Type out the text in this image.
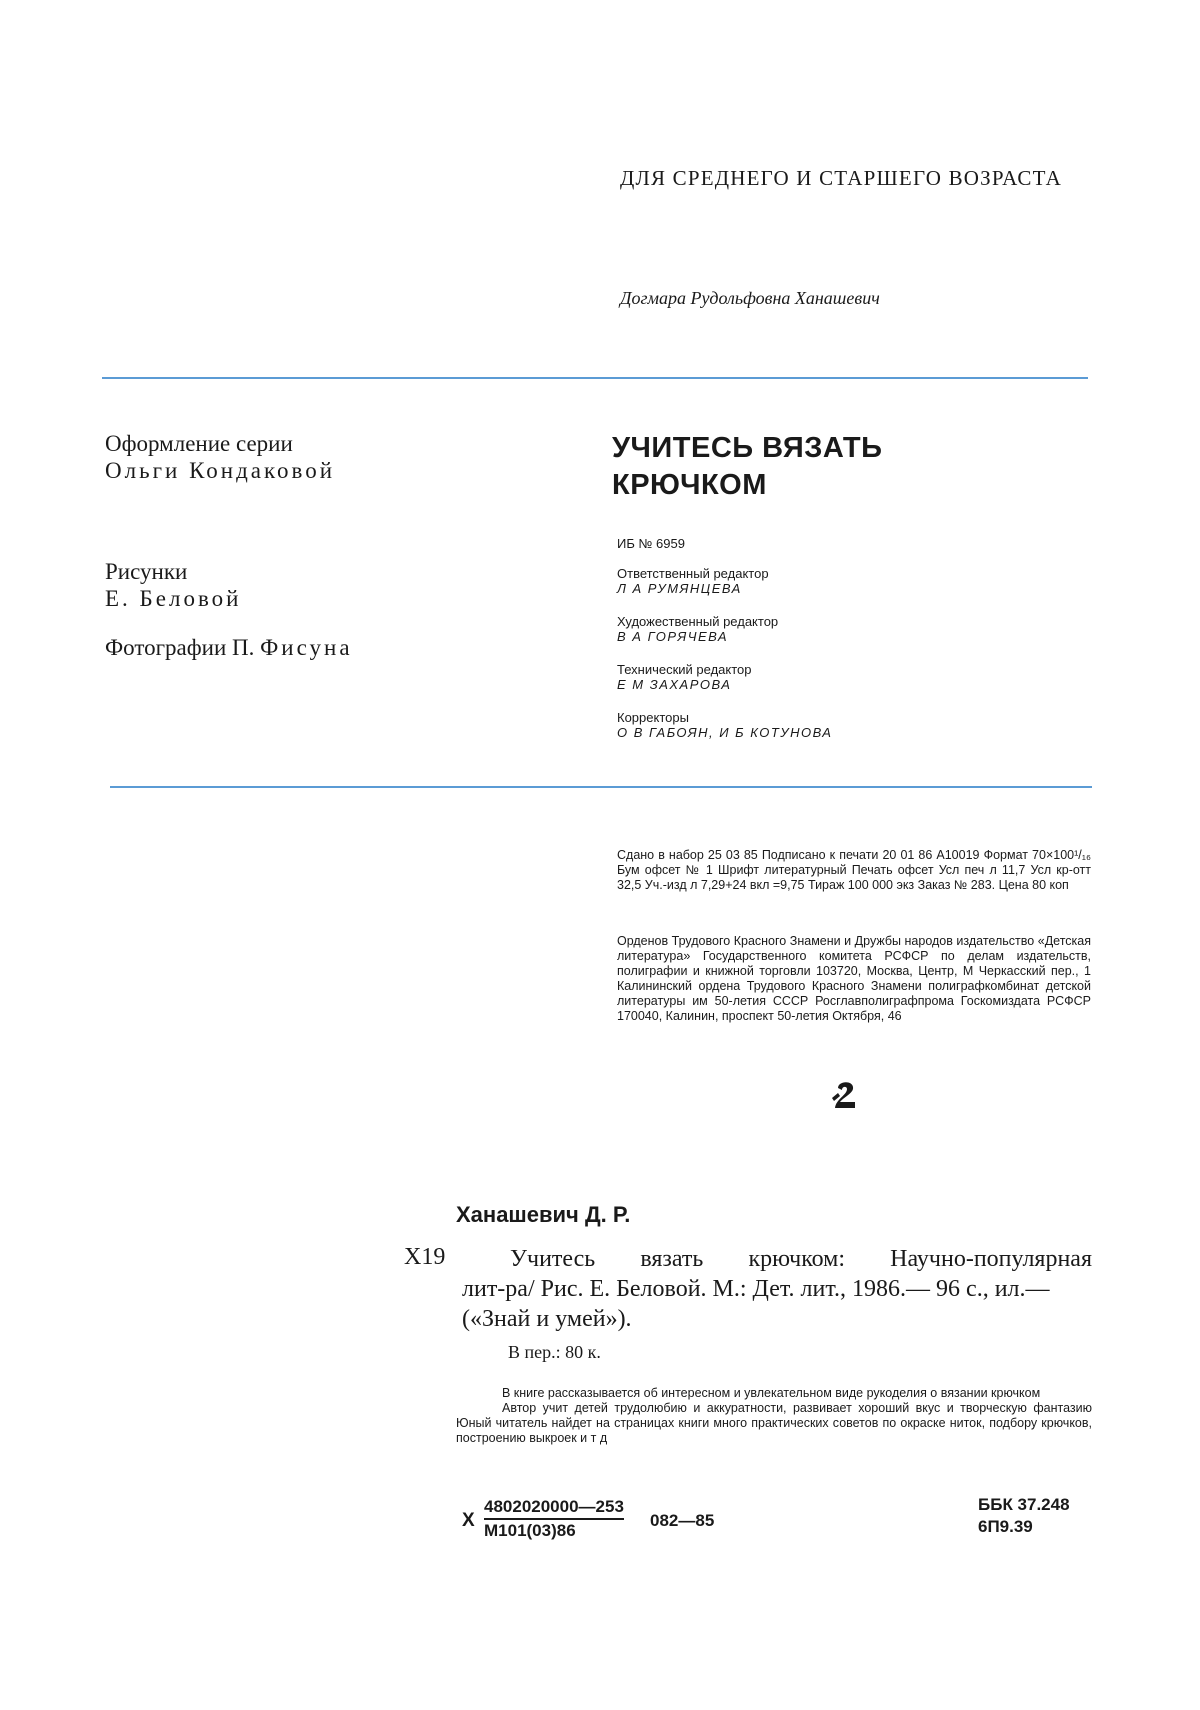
ДЛЯ СРЕДНЕГО И СТАРШЕГО ВОЗРАСТА
Догмара Рудольфовна Ханашевич
Оформление серии
Ольги Кондаковой
Рисунки
Е. Беловой
Фотографии П. Фисуна
УЧИТЕСЬ ВЯЗАТЬ
КРЮЧКОМ
ИБ № 6959
Ответственный редактор
Л А РУМЯНЦЕВА
Художественный редактор
В А ГОРЯЧЕВА
Технический редактор
Е М ЗАХАРОВА
Корректоры
О В ГАБОЯН, И Б КОТУНОВА
Сдано в набор 25 03 85 Подписано к печати 20 01 86 А10019 Формат 70×100¹/₁₆ Бум офсет № 1 Шрифт литературный Печать офсет Усл печ л 11,7 Усл кр-отт 32,5 Уч.-изд л 7,29+24 вкл =9,75 Тираж 100 000 экз Заказ № 283. Цена 80 коп
Орденов Трудового Красного Знамени и Дружбы народов издательство «Детская литература» Государственного комитета РСФСР по делам издательств, полиграфии и книжной торговли 103720, Москва, Центр, М Черкасский пер., 1 Калининский ордена Трудового Красного Знамени полиграфкомбинат детской литературы им 50-летия СССР Росглавполиграфпрома Госкомиздата РСФСР 170040, Калинин, проспект 50-летия Октября, 46
Ханашевич Д. Р.
Х19	Учитесь вязать крючком: Научно-популярная
лит-ра/ Рис. Е. Беловой. М.: Дет. лит., 1986.— 96 с., ил.— («Знай и умей»).
В пер.: 80 к.

В книге рассказывается об интересном и увлекательном виде рукоделия о вязании крючком

Автор учит детей трудолюбию и аккуратности, развивает хороший вкус и творческую фантазию Юный читатель найдет на страницах книги много практических советов по окраске ниток, подбору крючков, построению выкроек и т д

Х
4802020000—253
М101(03)86
082—85
ББК 37.248
6П9.39
